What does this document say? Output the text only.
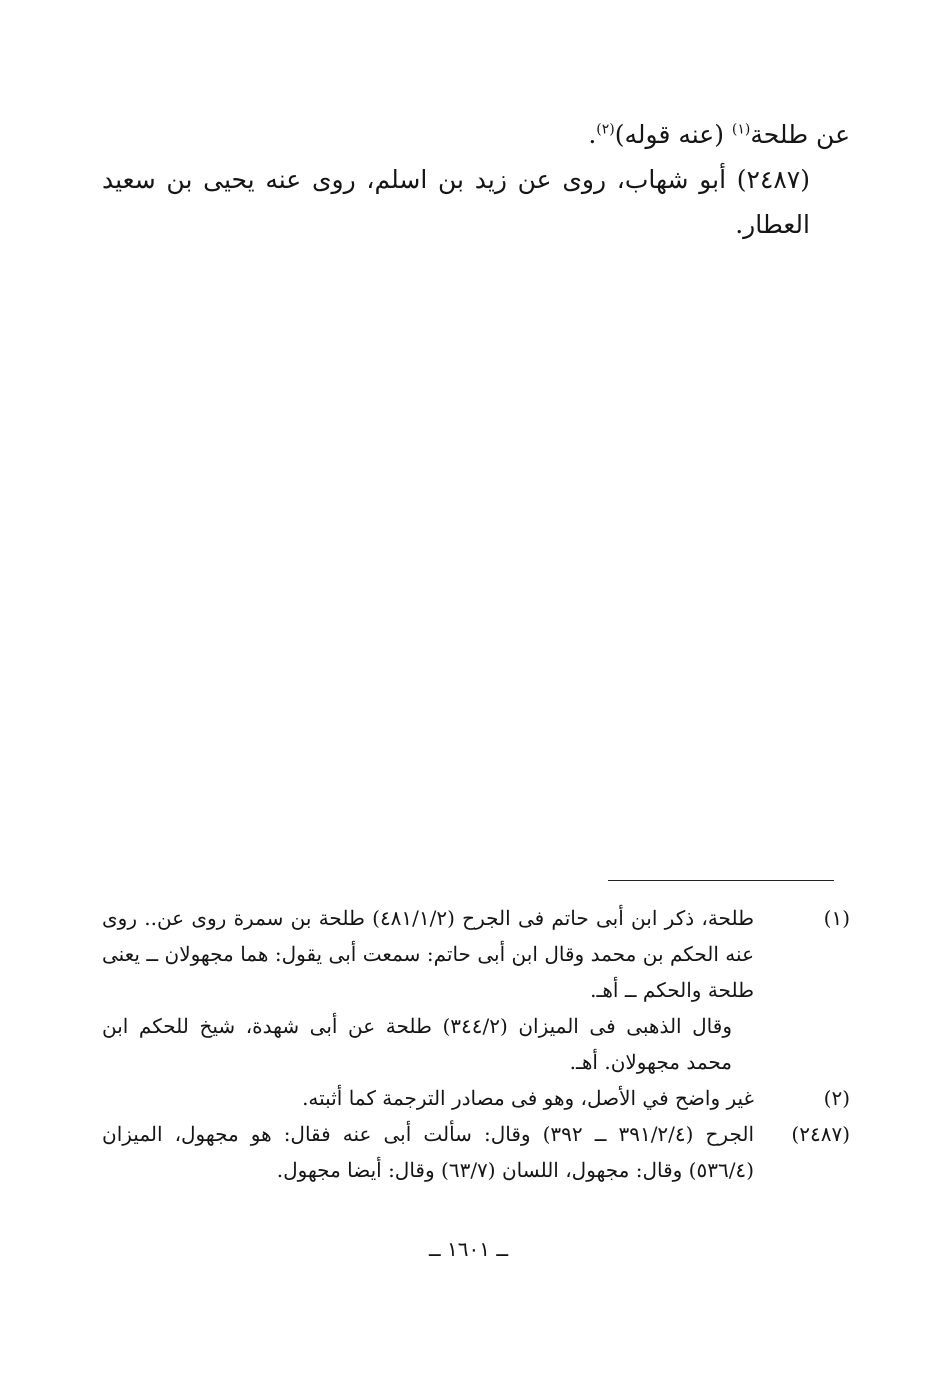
عن طلحة$^{(١)}$ (عنه قوله)$^{(٢)}$.

(٢٤٨٧) أبو شهاب، روى عن زيد بن اسلم، روى عنه يحيى بن سعيد العطار.

(١)

طلحة، ذكر ابن أبى حاتم فى الجرح (٤٨١/١/٢) طلحة بن سمرة روى عن.. روى عنه الحكم بن محمد وقال ابن أبى حاتم: سمعت أبى يقول: هما مجهولان ــ يعنى طلحة والحكم ــ أهـ.

وقال الذهبى فى الميزان (٣٤٤/٢) طلحة عن أبى شهدة، شيخ للحكم ابن محمد مجهولان. أهـ.

(٢)

غير واضح في الأصل، وهو فى مصادر الترجمة كما أثبته.

(٢٤٨٧)

الجرح (٣٩١/٢/٤ ــ ٣٩٢) وقال: سألت أبى عنه فقال: هو مجهول، الميزان (٥٣٦/٤) وقال: مجهول، اللسان (٦٣/٧) وقال: أيضا مجهول.

ــ ١٦٠١ ــ
